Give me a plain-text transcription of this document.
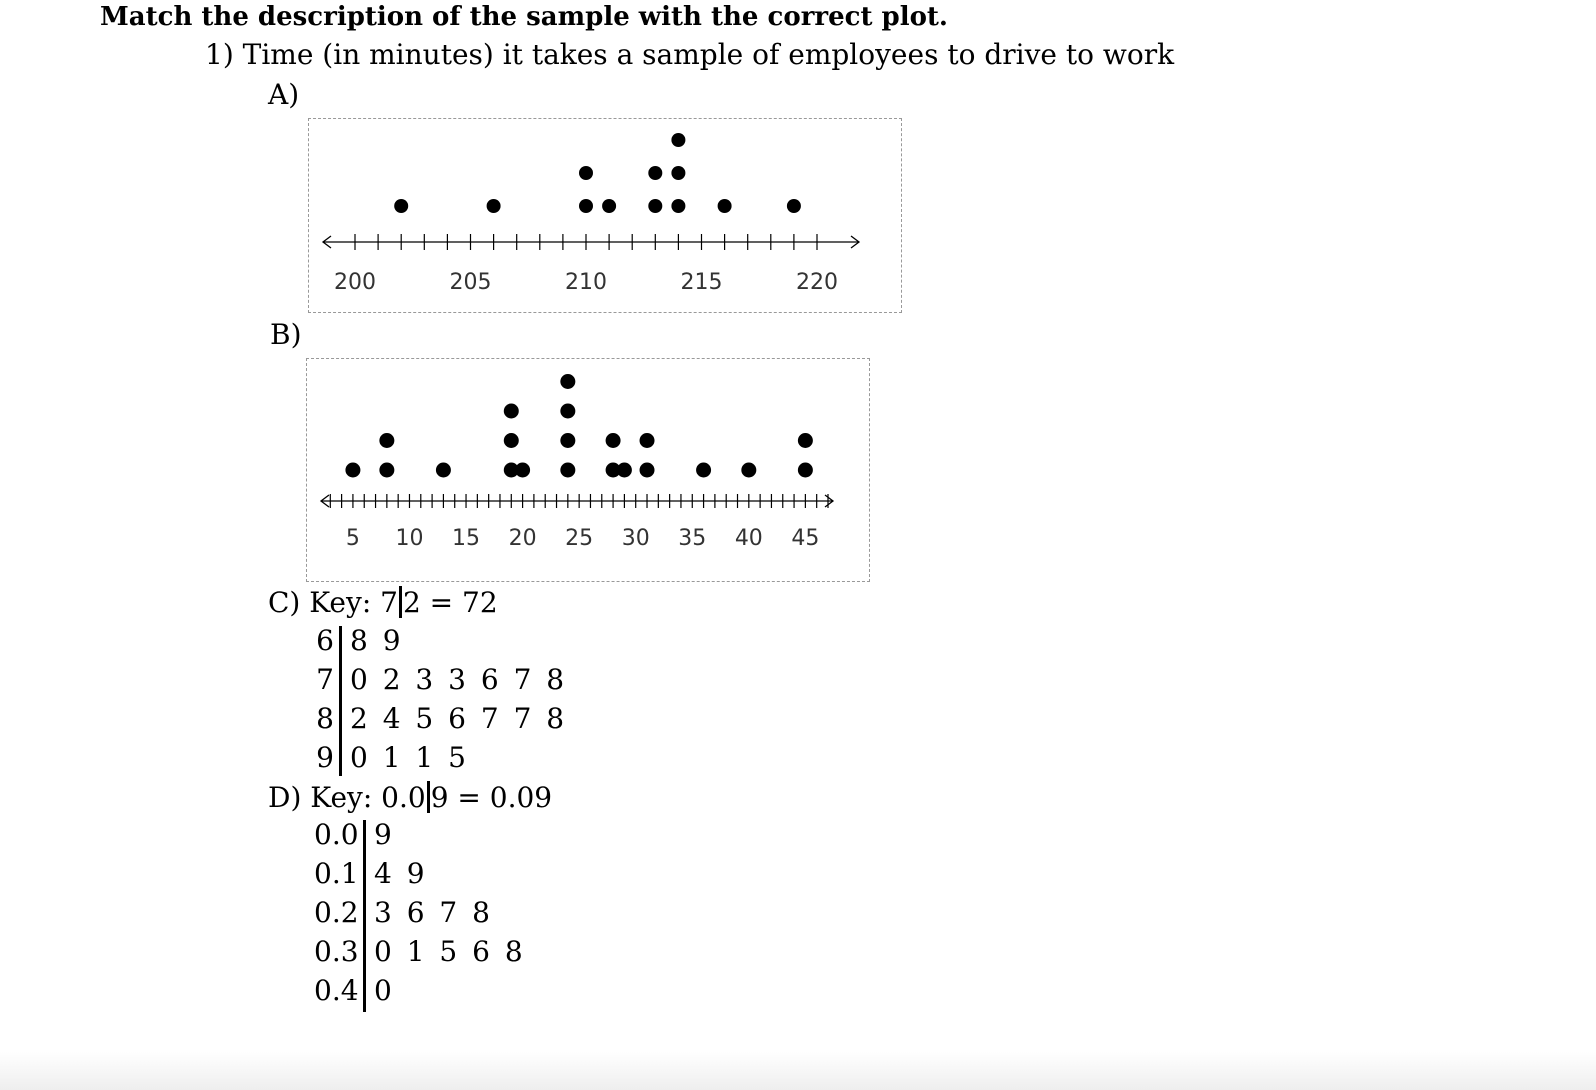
Match the description of the sample with the correct plot.
1) Time (in minutes) it takes a sample of employees to drive to work
A)
200	205	210	215	220
B)
5 10 15 20 25 30 35 40 45
C) Key: 7 2 = 72
6 8 9
7 0 2 3 3 6 7 8
8 2 4 5 6 7 7 8
9 0 1 1 5
D) Key: 0.0 9 = 0.09
0.0 9
0.1 4 9
0.2 3 6 7 8
0.3 0 1 5 6 8
0.4 0
